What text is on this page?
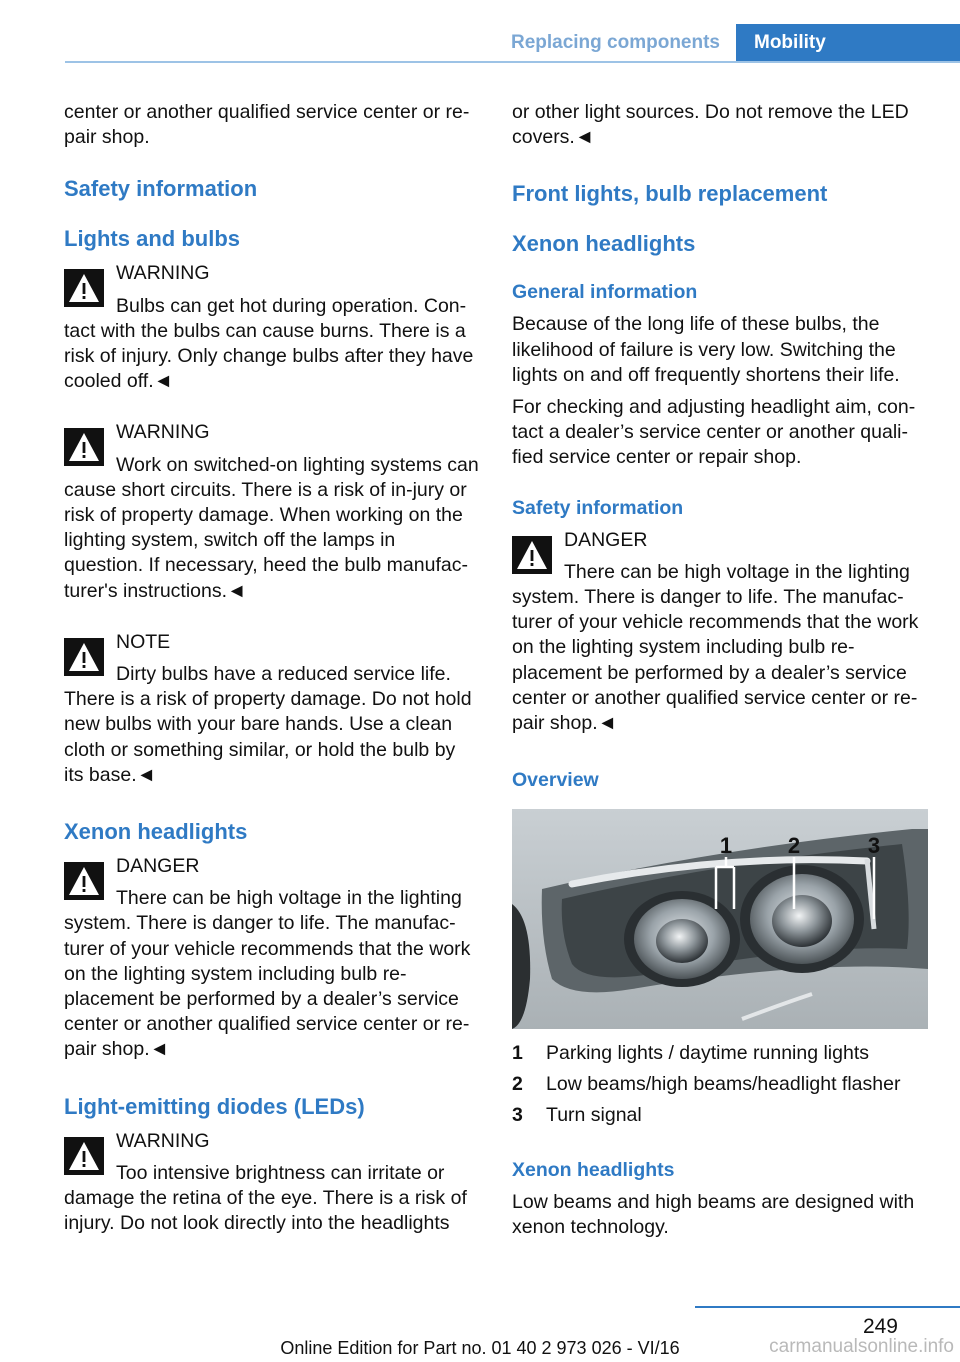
Replacing components	Mobility

center or another qualified service center or re-pair shop.

Safety information
Lights and bulbs

WARNING

Bulbs can get hot during operation. Con-tact with the bulbs can cause burns. There is a risk of injury. Only change bulbs after they have cooled off.◄

WARNING

Work on switched-on lighting systems can cause short circuits. There is a risk of in-jury or risk of property damage. When working on the lighting system, switch off the lamps in question. If necessary, heed the bulb manufac-turer's instructions.◄

NOTE

Dirty bulbs have a reduced service life. There is a risk of property damage. Do not hold new bulbs with your bare hands. Use a clean cloth or something similar, or hold the bulb by its base.◄

Xenon headlights

DANGER

There can be high voltage in the lighting system. There is danger to life. The manufac-turer of your vehicle recommends that the work on the lighting system including bulb re-placement be performed by a dealer’s service center or another qualified service center or re-pair shop.◄

Light-emitting diodes (LEDs)

WARNING

Too intensive brightness can irritate or damage the retina of the eye. There is a risk of injury. Do not look directly into the headlights

or other light sources. Do not remove the LED covers.◄

Front lights, bulb replacement
Xenon headlights
General information

Because of the long life of these bulbs, the likelihood of failure is very low. Switching the lights on and off frequently shortens their life.

For checking and adjusting headlight aim, con-tact a dealer’s service center or another quali-fied service center or repair shop.

Safety information

DANGER

There can be high voltage in the lighting system. There is danger to life. The manufac-turer of your vehicle recommends that the work on the lighting system including bulb re-placement be performed by a dealer’s service center or another qualified service center or re-pair shop.◄

Overview
1	2	3
1	Parking lights / daytime running lights
2	Low beams/high beams/headlight flasher
3	Turn signal
Xenon headlights

Low beams and high beams are designed with xenon technology.

249
Online Edition for Part no. 01 40 2 973 026 - VI/16	carmanualsonline.info
